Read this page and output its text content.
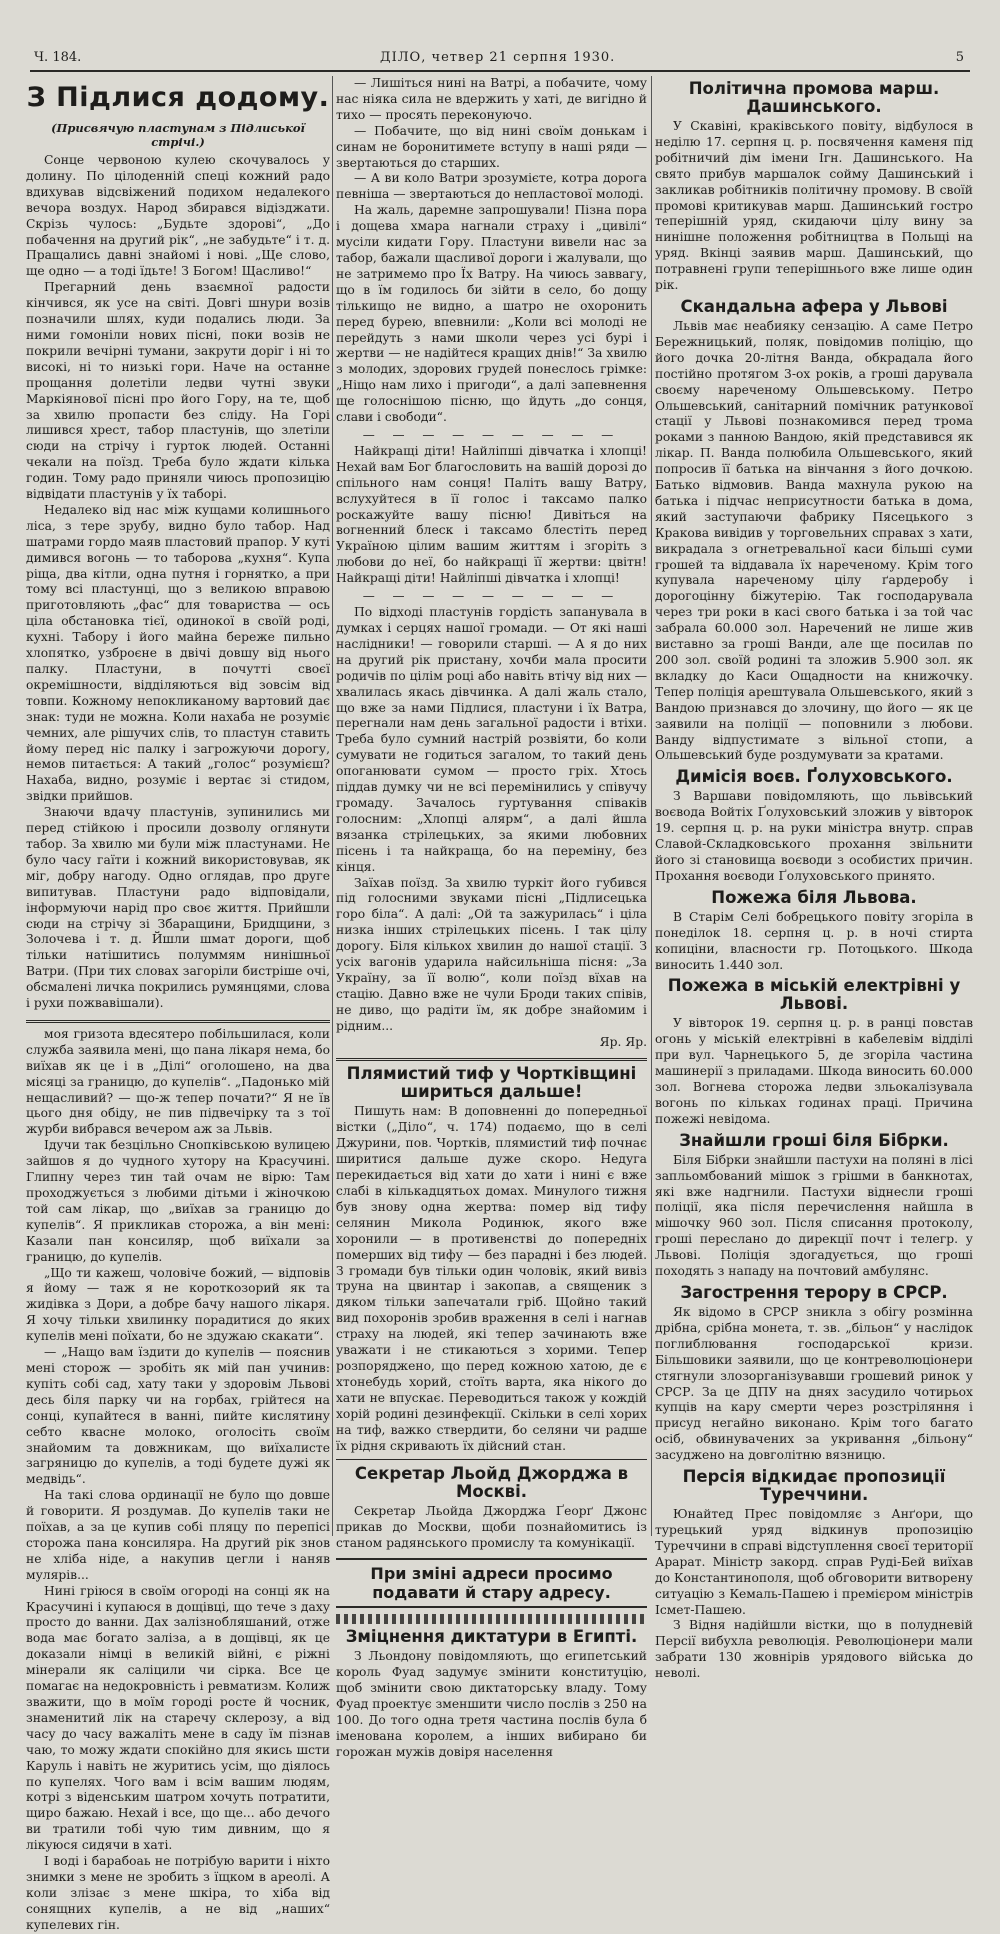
Ч. 184.	ДІЛО, четвер 21 серпня 1930.	5
З Підлися додому.
(Присвячую пластунам з Підлиської стрічі.)

Сонце червоною кулею скочувалось у долину. По цілоденній спеці кожний радо вдихував відсвіжений подихом недалекого вечора воздух. Народ збирався відізджати. Скрізь чулось: „Будьте здорові“, „До побачення на другий рік“, „не забудьте“ і т. д. Пращались давні знайомі і нові. „Ще слово, ще одно — а тоді їдьте! З Богом! Щасливо!“

Прегарний день взаємної радости кінчився, як усе на світі. Довгі шнури возів позначили шлях, куди подались люди. За ними гомоніли нових пісні, поки возів не покрили вечірні тумани, закрути доріг і ні то високі, ні то низькі гори. Наче на останне прощання долетіли ледви чутні звуки Маркіянової пісні про його Гору, на те, щоб за хвилю пропасти без сліду. На Горі лишився хрест, табор пластунів, що злетіли сюди на стрічу і гурток людей. Останні чекали на поїзд. Треба було ждати кілька годин. Тому радо приняли чиюсь пропозицію відвідати пластунів у їх таборі.

Недалеко від нас між кущами колишнього ліса, з тере зрубу, видно було табор. Над шатрами гордо маяв пластовий прапор. У куті димився вогонь — то таборова „кухня“. Купа ріща, два кітли, одна путня і горнятко, а при тому всі пластунці, що з великою вправою приготовляють „фас“ для товариства — ось ціла обстановка тієї, одинокої в своїй роді, кухні. Табору і його майна береже пильно хлопятко, узброєне в двічі довшу від нього палку. Пластуни, в почутті своєї окремішности, відділяються від зовсім від товпи. Кожному непокликаному вартовий дає знак: туди не можна. Коли нахаба не розуміє чемних, але рішучих слів, то пластун ставить йому перед ніс палку і загрожуючи дорогу, немов питається: А такий „голос“ розумієш? Нахаба, видно, розуміє і вертає зі стидом, звідки прийшов.

Знаючи вдачу пластунів, зупинились ми перед стійкою і просили дозволу оглянути табор. За хвилю ми були між пластунами. Не було часу гаїти і кожний використовував, як міг, добру нагоду. Одно оглядав, про друге випитував. Пластуни радо відповідали, інформуючи нарід про своє життя. Прийшли сюди на стрічу зі Збаращини, Бридщини, з Золочева і т. д. Йшли шмат дороги, щоб тільки натішитись полуммям нинішньої Ватри. (При тих словах загоріли бистріше очі, обсмалені личка покрились румянцями, слова і рухи пожвавішали).

моя гризота вдесятеро побільшилася, коли служба заявила мені, що пана лікаря нема, бо виїхав як це і в „Ділі“ оголошено, на два місяці за границю, до купелів“. „Падонько мій нещасливий? — що-ж тепер почати?“ Я не їв цього дня обіду, не пив підвечірку та з тої журби вибрався вечером аж за Львів.

Ідучи так безцільно Снопківською вулицею зайшов я до чудного хутору на Красучині. Глипну через тин тай очам не вірю: Там проходжується з любими дітьми і жіночкою той сам лікар, що „виїхав за границю до купелів“. Я прикликав сторожа, а він мені: Казали пан консиляр, щоб виїхали за границю, до купелів.

„Що ти кажеш, чоловіче божий, — відповів я йому — таж я не короткозорий як та жидівка з Дори, а добре бачу нашого лікаря. Я хочу тільки хвилинку порадитися до яких купелів мені поїхати, бо не здужаю скакати“.

— „Нащо вам їздити до купелів — пояснив мені сторож — зробіть як мій пан учинив: купіть собі сад, хату таки у здоровім Львові десь біля парку чи на горбах, грійтеся на сонці, купайтеся в ванні, пийте кислятину себто квасне молоко, оголосіть своїм знайомим та довжникам, що виїхалисте загряницю до купелів, а тоді будете дужі як медвідь“.

На такі слова ординації не було що довше й говорити. Я роздумав. До купелів таки не поїхав, а за це купив собі пляцу по перепісі сторожа пана консиляра. На другий рік знов не хліба ніде, а накупив цегли і наняв мулярів...

Нині гріюся в своїм огороді на сонці як на Красучині і купаюся в дощівці, що тече з даху просто до ванни. Дах залізнобляшаний, отже вода має богато заліза, а в дощівці, як це доказали німці в великій війні, є ріжні мінерали як саліцили чи сірка. Все це помагає на недокровність і ревматизм. Колиж зважити, що в моїм городі росте й чосник, знаменитий лік на старечу склерозу, а від часу до часу важаліть мене в саду їм пізнав чаю, то можу ждати спокійно для якись шсти Каруль і навіть не журитись усім, що діялось по купелях. Чого вам і всім вашим людям, котрі з віденським шатром хочуть потратити, щиро бажаю. Нехай і все, що ще... або дечого ви тратили тобі чую тим дивним, що я лікуюся сидячи в хаті.

І воді і барабоаь не потрібую варити і ніхто знимки з мене не зробить з їщком в ареолі. А коли злізає з мене шкіра, то хіба від сонящних купелів, а не від „наших“ купелевих гін.

— Лишіться нині на Ватрі, а побачите, чому нас ніяка сила не вдержить у хаті, де вигідно й тихо — просять переконуючо.

— Побачите, що від нині своїм донькам і синам не боронитимете вступу в наші ряди — звертаються до старших.

— А ви коло Ватри зрозумієте, котра дорога певніша — звертаються до непластової молоді.

На жаль, даремне запрошували! Пізна пора і дощева хмара нагнали страху і „цивілі“ мусіли кидати Гору. Пластуни вивели нас за табор, бажали щасливої дороги і жалували, що не затримемо про Їх Ватру. На чиюсь заввагу, що в їм годилось би зійти в село, бо дощу тількищо не видно, а шатро не охоронить перед бурею, впевнили: „Коли всі молоді не перейдуть з нами школи через усі бурі і жертви — не надійтеся кращих днів!“ За хвилю з молодих, здорових грудей понеслось грімке: „Нiщо нам лихо і пригоди“, а далі запевнення ще голоснішою пісню, що йдуть „до сонця, слави і свободи“.

— — — — — — — — —

Найкращі діти! Найліпші дівчатка і хлопці! Нехай вам Бог благословить на вашій дорозі до спільного нам сонця! Паліть вашу Ватру, вслухуйтеся в її голос і таксамо палко роскажуйте вашу пісню! Дивіться на вогненний блеск і таксамо блестіть перед Україною цілим вашим життям і згоріть з любови до неї, бо найкращі її жертви: цвітн! Найкращі діти! Найліпші дівчатка і хлопці!

— — — — — — — — —

По відході пластунів гордість запанувала в думках і серцях нашої громади. — От які наші наслідники! — говорили старші. — А я до них на другий рік пристану, хочби мала просити родичів по цілім році або навіть втічу від них — хвалилась якась дівчинка. А далі жаль стало, що вже за нами Підлися, пластуни і їх Ватра, перегнали нам день загальної радости і втіхи. Треба було сумний настрій розвіяти, бо коли сумувати не годиться загалом, то такий день опоганювати сумом — просто гріх. Хтось піддав думку чи не всі перемінились у співучу громаду. Зачалось гуртування співаків голосним: „Хлопці алярм“, а далі йшла вязанка стрілецьких, за якими любовних пісень і та найкраща, бо на переміну, без кінця.

Заїхав поїзд. За хвилю туркіт його губився під голосними звуками пісні „Підлисецька горо біла“. А далі: „Ой та зажурилась“ і ціла низка інших стрілецьких пісень. І так цілу дорогу. Біля кількох хвилин до нашої стації. З усіх вагонів ударила найсильніша пісня: „За Україну, за її волю“, коли поїзд вїхав на стацію. Давно вже не чули Броди таких співів, не диво, що радіти їм, як добре знайомим і рідним...

Яр. Яр.

Плямистий тиф у Чортківщині шириться дальше!

Пишуть нам: В доповненні до попередньої вістки („Діло“, ч. 174) подаємо, що в селі Джурини, пов. Чортків, плямистий тиф почнає ширитися дальше дуже скоро. Недуга перекидається від хати до хати і нині є вже слабі в кількадцятьох домах. Минулого тижня був знову одна жертва: помер від тифу селянин Микола Родинюк, якого вже хоронили — в противенстві до попередніх померших від тифу — без парадні і без людей. З громади був тільки один чоловік, який вивіз труна на цвинтар і закопав, а священик з дяком тільки запечатали гріб. Щойно такий вид похоронів зробив враження в селі і нагнав страху на людей, які тепер зачинають вже уважати і не стикаються з хорими. Тепер розпоряджено, що перед кожною хатою, де є хтонебудь хорий, стоїть варта, яка нікого до хати не впускає. Переводиться також у кождій хорій родині дезинфекції. Скільки в селі хорих на тиф, важко ствердити, бо селяни чи радше їх рідня скривають їх дійсний стан.

Секретар Льойд Джорджа в Москві.

Секретар Льойда Джорджа Ґеорґ Джонс прикав до Москви, щоби познайомитись із станом радянського промислу та комунікації.

При зміні адреси просимо подавати й стару адресу.
Зміцнення диктатури в Египті.

З Льондону повідомляють, що египетський король Фуад задумує змінити конституцію, щоб змінити свою диктаторську владу. Тому Фуад проектує зменшити число послів з 250 на 100. До того одна третя частина послів була б іменована королем, а інших вибирано би горожан мужів довіря населення

Політична промова марш. Дашинського.

У Скавіні, краківського повіту, відбулося в неділю 17. серпня ц. р. посвячення каменя під робітничий дім імени Ігн. Дашинського. На свято прибув маршалок сойму Дашинський і закликав робітників політичну промову. В своїй промові критикував марш. Дашинський гостро теперішній уряд, скидаючи цілу вину за нинішне положення робітництва в Польщі на уряд. Вкінці заявив марш. Дашинський, що потравнені групи теперішнього вже лише один рік.

Скандальна афера у Львові

Львів має неабияку сензацію. А саме Петро Бережницький, поляк, повідомив поліцію, що його дочка 20-літня Ванда, обкрадала його постійно протягом 3-ох років, а гроші дарувала своєму нареченому Ольшевському. Петро Ольшевський, санітарний помічник ратункової стації у Львові познакомився перед трома роками з панною Вандою, якій представився як лікар. П. Ванда полюбила Ольшевського, який попросив її батька на вінчання з його дочкою. Батько відмовив. Ванда махнула рукою на батька і підчас неприсутности батька в дома, який заступаючи фабрику Пясецького з Кракова вивідив у торговельних справах з хати, викрадала з огнетревальної каси більші суми грошей та віддавала їх нареченому. Крім того купувала нареченому цілу ґардеробу і дорогоцінну біжутерію. Так господарувала через три роки в касі свого батька і за той час забрала 60.000 зол. Наречений не лише жив виставно за гроші Ванди, але ще посилав по 200 зол. своїй родині та зложив 5.900 зол. як вкладку до Каси Ощадности на книжочку. Тепер поліція арештувала Ольшевського, який з Вандою признався до злочину, що його — як це заявили на поліції — поповнили з любови. Ванду відпустимате з вільної стопи, а Ольшевський буде роздумувати за кратами.

Димісія воєв. Ґолуховського.

З Варшави повідомляють, що львівський воєвода Войтіх Ґолуховський зложив у вівторок 19. серпня ц. р. на руки міністра внутр. справ Славой-Складковського прохання звільнити його зі становища воєводи з особистих причин. Прохання воєводи Ґолуховського принято.

Пожежа біля Львова.

В Старім Селі бобрецького повіту згоріла в понеділок 18. серпня ц. р. в ночі стирта копиціни, власности гр. Потоцького. Шкода виносить 1.440 зол.

Пожежа в міській електрівні у Львові.

У вівторок 19. серпня ц. р. в ранці повстав огонь у міській електрівні в кабелевім відділі при вул. Чарнецького 5, де згоріла частина машинерії з приладами. Шкода виносить 60.000 зол. Вогнева сторожа ледви зльокалізувала вогонь по кільках годинах праці. Причина пожежі невідома.

Знайшли гроші біля Бібрки.

Біля Бібрки знайшли пастухи на поляні в лісі запльомбований мішок з грішми в банкнотах, які вже надгнили. Пастухи віднесли гроші поліції, яка після перечислення найшла в мішочку 960 зол. Після списання протоколу, гроші переслано до дирекції почт і телегр. у Львові. Поліція здогадується, що гроші походять з нападу на почтовий амбулянс.

Загострення терору в СРСР.

Як відомо в СРСР зникла з обігу розмінна дрібна, срібна монета, т. зв. „більон“ у наслідок поглиблювання господарської кризи. Більшовики заявили, що це контреволюціонери стягнули злозорганізувавши грошевий ринок у СРСР. За це ДПУ на днях засудило чотирьох купців на кару смерти через розстріляння і присуд негайно виконано. Крім того багато осіб, обвинувачених за укривання „більону“ засуджено на довголітню вязницю.

Персія відкидає пропозиції Туреччини.

Юнайтед Прес повідомляє з Анґори, що турецький уряд відкинув пропозицію Туреччини в справі відступлення своєї території Арарат. Міністр закорд. справ Руді-Бей виїхав до Константинополя, щоб обговорити витворену ситуацію з Кемаль-Пашею і премієром міністрів Ісмет-Пашею.

З Відня надійшли вістки, що в полудневій Персії вибухла революція. Революціонери мали забрати 130 жовнірів урядового війська до неволі.
